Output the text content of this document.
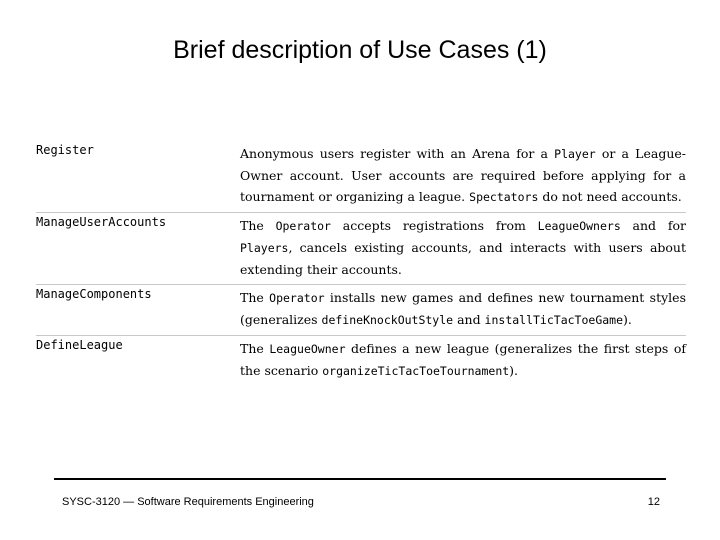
Brief description of Use Cases (1)
Register	Anonymous users register with an Arena for a Player or a League-Owner account. User accounts are required before applying for a tournament or organizing a league. Spectators do not need accounts.
ManageUserAccounts	The Operator accepts registrations from LeagueOwners and for Players, cancels existing accounts, and interacts with users about extending their accounts.
ManageComponents	The Operator installs new games and defines new tournament styles (generalizes defineKnockOutStyle and installTicTacToeGame).
DefineLeague	The LeagueOwner defines a new league (generalizes the first steps of the scenario organizeTicTacToeTournament).
SYSC-3120 — Software Requirements Engineering	12
